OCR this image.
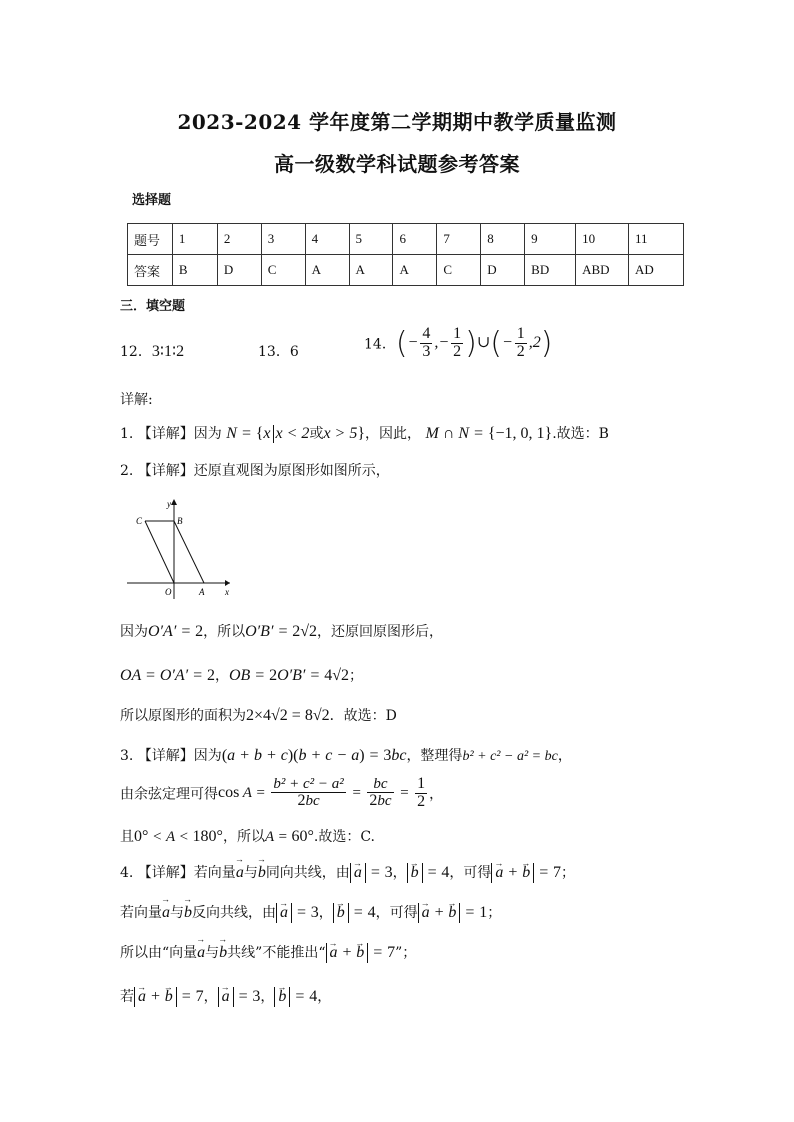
2023-2024 学年度第二学期期中教学质量监测
高一级数学科试题参考答案
选择题
题号	1	2	3	4	5	6	7	8	9	10	11
答案	B	D	C	A	A	A	C	D	BD	ABD	AD
三．填空题
12．3∶1∶2	13．6	14．(− $\frac{4}{3}$ ,− $\frac{1}{2}$ )∪(− $\frac{1}{2} ,2$)
详解:
1. 【详解】因为 N = {x x < 2或x > 5}，因此， M ∩ N = {−1, 0, 1}.故选：B
2. 【详解】还原直观图为原图形如图所示，
y
x
C	B
O	A
因为O′A′ = 2，所以O′B′ = 2√2，还原回原图形后，
OA = O′A′ = 2，OB = 2O′B′ = 4√2；
所以原图形的面积为2×4√2 = 8√2．故选：D
3. 【详解】因为(a + b + c)(b + c − a) = 3bc，整理得b² + c² − a² = bc，
由余弦定理可得$\cos A = \frac{\text{b² + c² − a²}}{2bc} = \frac{bc}{2bc} = \frac{1}{2}$ ，
且0° < A < 180°，所以A = 60°.故选：C.
4. 【详解】若向量→ a与→ b同向共线，由 → a = 3， → b = 4，可得 → a + → b = 7；
若向量→ a与→ b反向共线，由 → a = 3， → b = 4，可得 → a + → b = 1；
所以由“向量→ a与→ b共线”不能推出“ → a + → b = 7”；
若 → a + → b = 7， → a = 3， → b = 4，
